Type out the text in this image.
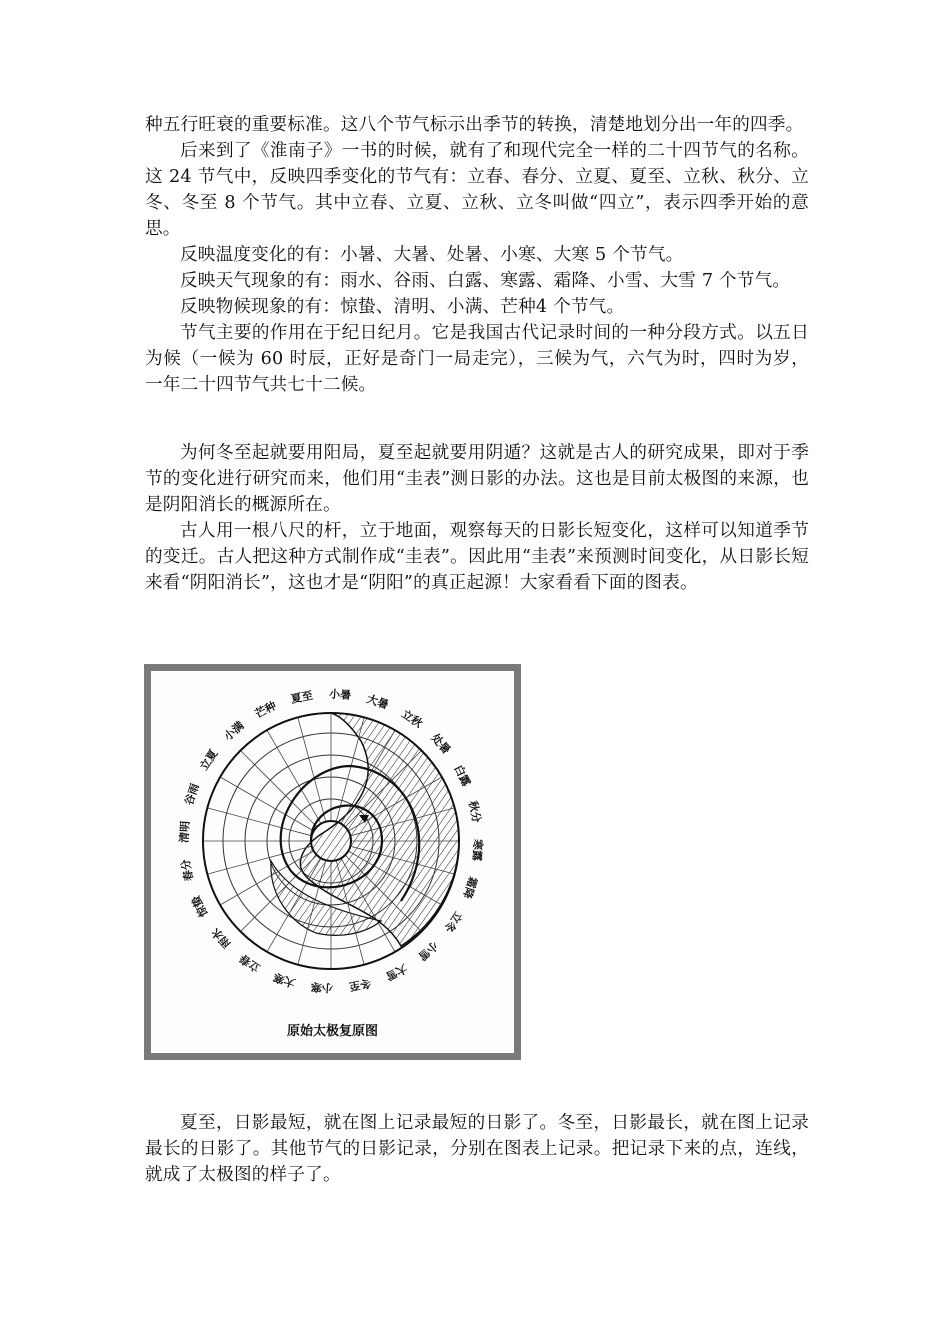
种五行旺衰的重要标准。这八个节气标示出季节的转换，清楚地划分出一年的四季。

后来到了《淮南子》一书的时候，就有了和现代完全一样的二十四节气的名称。这 24 节气中，反映四季变化的节气有：立春、春分、立夏、夏至、立秋、秋分、立冬、冬至 8 个节气。其中立春、立夏、立秋、立冬叫做“四立”，表示四季开始的意思。

反映温度变化的有：小暑、大暑、处暑、小寒、大寒 5 个节气。

反映天气现象的有：雨水、谷雨、白露、寒露、霜降、小雪、大雪 7 个节气。

反映物候现象的有：惊蛰、清明、小满、芒种4 个节气。

节气主要的作用在于纪日纪月。它是我国古代记录时间的一种分段方式。以五日为候（一候为 60 时辰，正好是奇门一局走完），三候为气，六气为时，四时为岁，一年二十四节气共七十二候。

为何冬至起就要用阳局，夏至起就要用阴遁？这就是古人的研究成果，即对于季节的变化进行研究而来，他们用“圭表”测日影的办法。这也是目前太极图的来源，也是阴阳消长的概源所在。

古人用一根八尺的杆，立于地面，观察每天的日影长短变化，这样可以知道季节的变迁。古人把这种方式制作成“圭表”。因此用“圭表”来预测时间变化，从日影长短来看“阴阳消长”，这也才是“阴阳”的真正起源！大家看看下面的图表。

夏至 小暑 大暑
立秋
处暑
白露
秋分
寒露
霜降
立冬
小雪
大雪
冬至
小寒
大寒
立春
雨水
惊蛰
春分
清明
谷雨
立夏
小满
芒种
原始太极复原图

夏至，日影最短，就在图上记录最短的日影了。冬至，日影最长，就在图上记录最长的日影了。其他节气的日影记录，分别在图表上记录。把记录下来的点，连线，就成了太极图的样子了。
